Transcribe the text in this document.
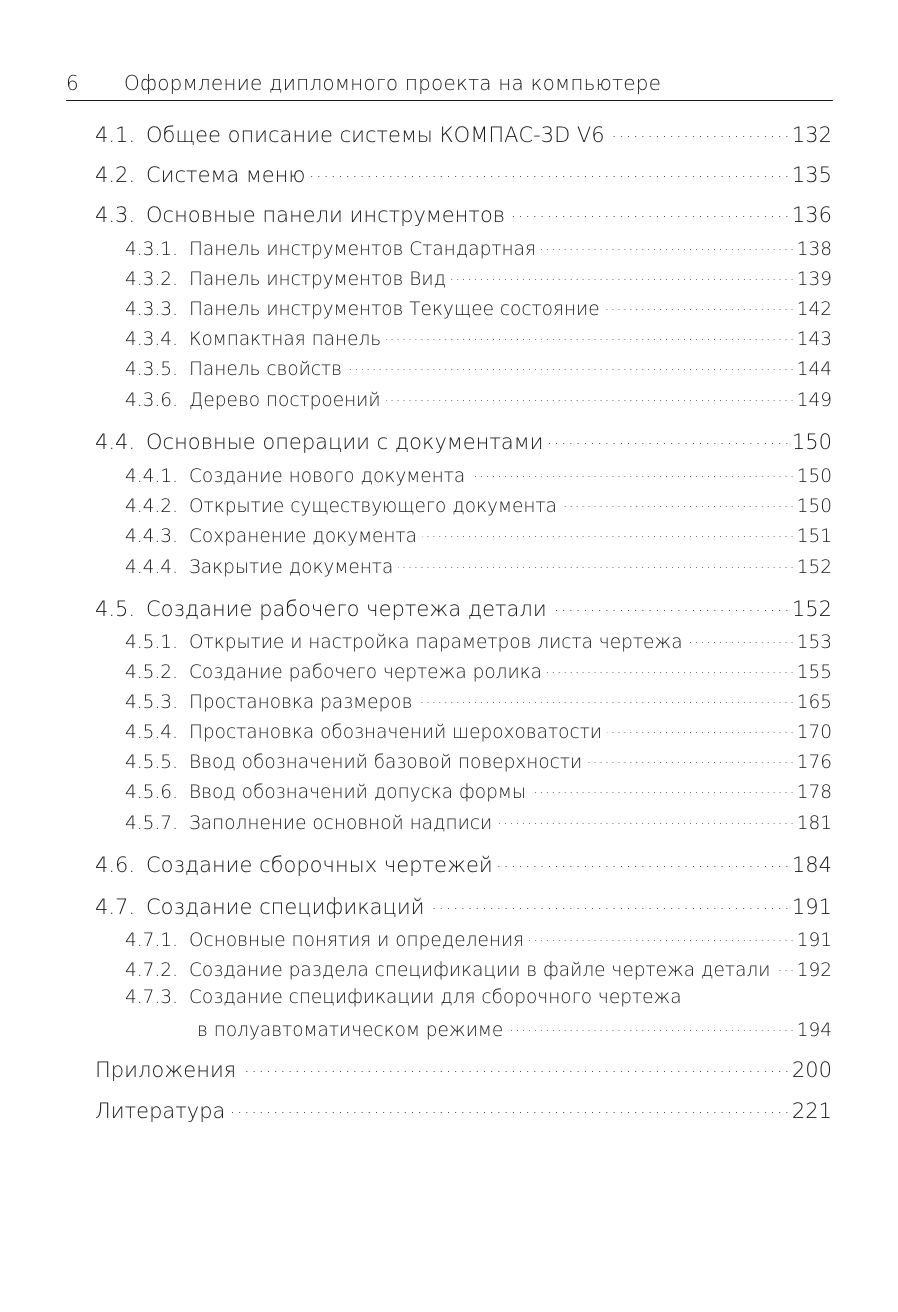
6 Оформление дипломного проекта на компьютере
4.1. Общее описание системы КОМПАС-3D V6 . . .	132
4.2. Система меню . . .	135
4.3. Основные панели инструментов . . .	136
4.3.1. Панель инструментов Стандартная . . .	138
4.3.2. Панель инструментов Вид . . .	139
4.3.3. Панель инструментов Текущее состояние . . .	142
4.3.4. Компактная панель . . .	143
4.3.5. Панель свойств . . .	144
4.3.6. Дерево построений . . .	149
4.4. Основные операции с документами . . .	150
4.4.1. Создание нового документа . . .	150
4.4.2. Открытие существующего документа . . .	150
4.4.3. Сохранение документа . . .	151
4.4.4. Закрытие документа . . .	152
4.5. Создание рабочего чертежа детали . . .	152
4.5.1. Открытие и настройка параметров листа чертежа . . .	153
4.5.2. Создание рабочего чертежа ролика . . .	155
4.5.3. Простановка размеров . . .	165
4.5.4. Простановка обозначений шероховатости . . .	170
4.5.5. Ввод обозначений базовой поверхности . . .	176
4.5.6. Ввод обозначений допуска формы . . .	178
4.5.7. Заполнение основной надписи . . .	181
4.6. Создание сборочных чертежей . . .	184
4.7. Создание спецификаций . . .	191
4.7.1. Основные понятия и определения . . .	191
4.7.2. Создание раздела спецификации в файле чертежа детали . . . 192
4.7.3. Создание спецификации для сборочного чертежа
в полуавтоматическом режиме . . .	194
Приложения . . .	200
Литература . . .	221
